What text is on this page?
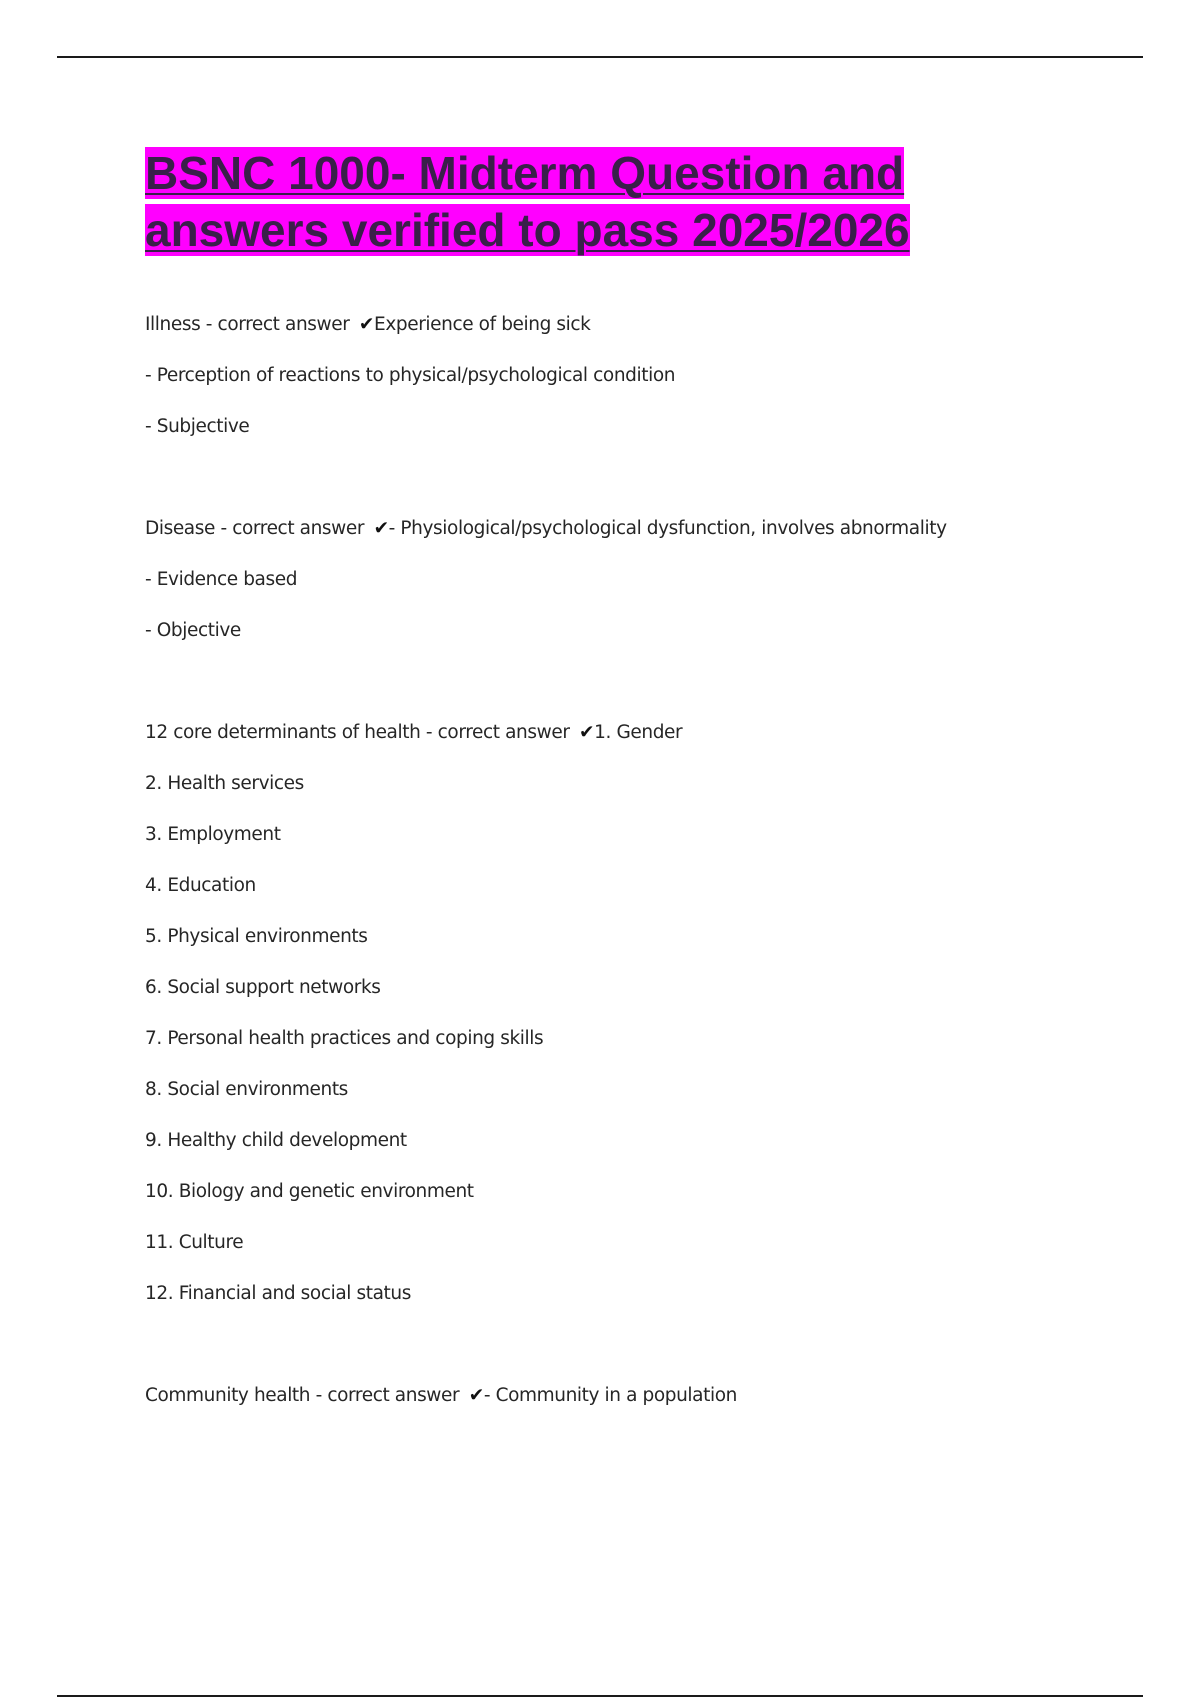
BSNC 1000- Midterm Question and answers verified to pass 2025/2026
Illness - correct answer ✔Experience of being sick
- Perception of reactions to physical/psychological condition
- Subjective
Disease - correct answer ✔- Physiological/psychological dysfunction, involves abnormality
- Evidence based
- Objective
12 core determinants of health - correct answer ✔1. Gender
2. Health services
3. Employment
4. Education
5. Physical environments
6. Social support networks
7. Personal health practices and coping skills
8. Social environments
9. Healthy child development
10. Biology and genetic environment
11. Culture
12. Financial and social status
Community health - correct answer ✔- Community in a population
